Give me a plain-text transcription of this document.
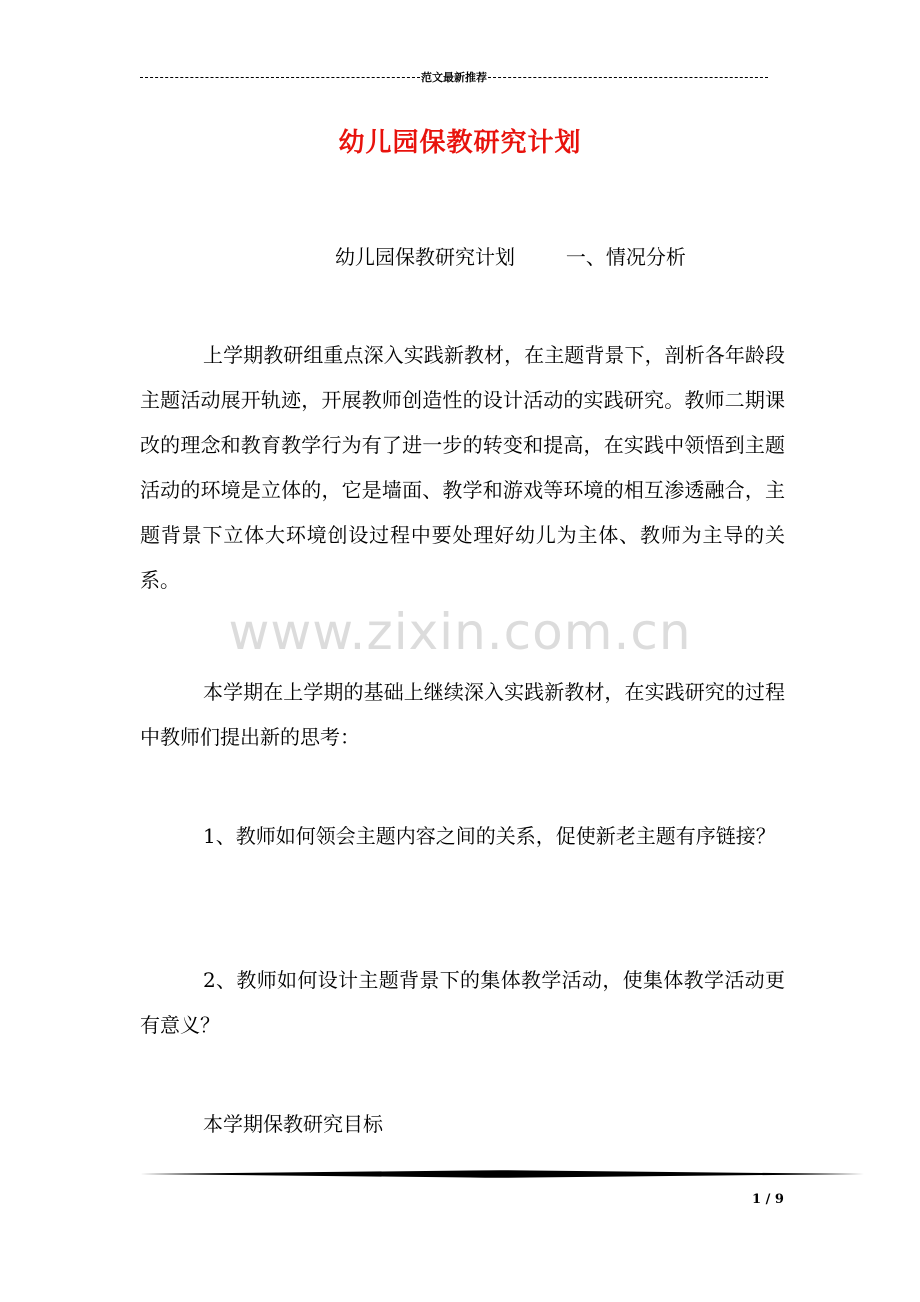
范文最新推荐
幼儿园保教研究计划
幼儿园保教研究计划        一、情况分析

上学期教研组重点深入实践新教材，在主题背景下，剖析各年龄段主题活动展开轨迹，开展教师创造性的设计活动的实践研究。教师二期课改的理念和教育教学行为有了进一步的转变和提高，在实践中领悟到主题活动的环境是立体的，它是墙面、教学和游戏等环境的相互渗透融合，主题背景下立体大环境创设过程中要处理好幼儿为主体、教师为主导的关系。

www.zixin.com.cn

本学期在上学期的基础上继续深入实践新教材，在实践研究的过程中教师们提出新的思考：

1、教师如何领会主题内容之间的关系，促使新老主题有序链接？

2、教师如何设计主题背景下的集体教学活动，使集体教学活动更有意义？

本学期保教研究目标

1 / 9
